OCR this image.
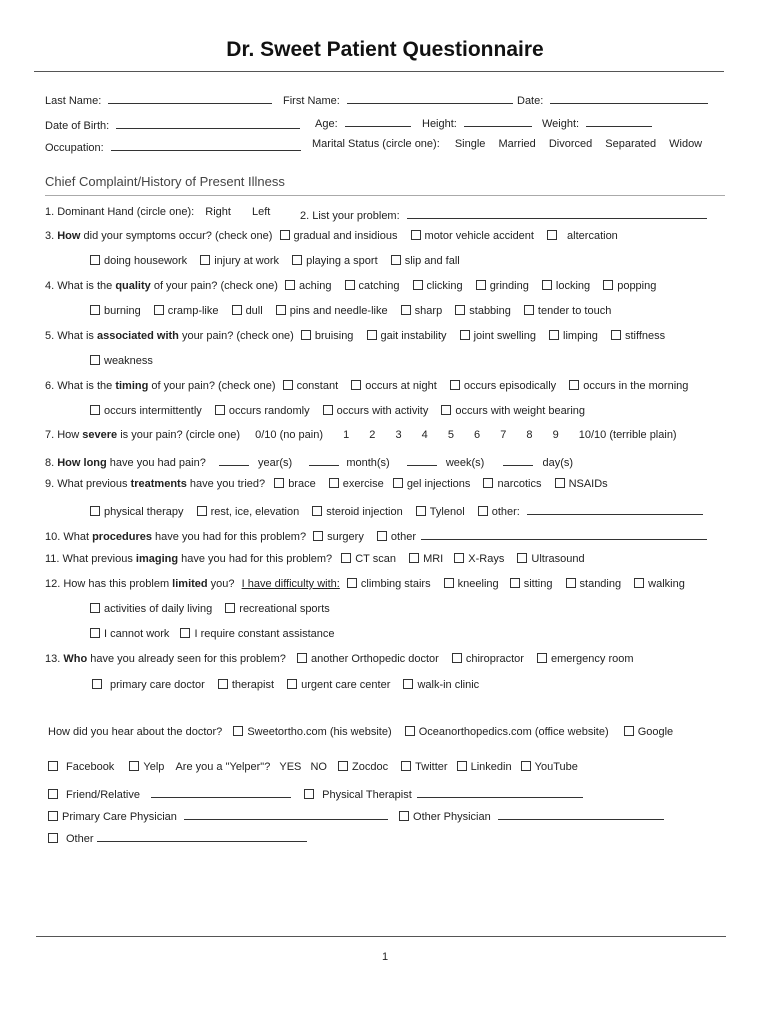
Dr. Sweet Patient Questionnaire
Last Name:	First Name:	Date:
Date of Birth:	Age:	Height:	Weight:
Occupation:	Marital Status (circle one): Single Married Divorced Separated Widow
Chief Complaint/History of Present Illness
1. Dominant Hand (circle one): Right Left	2. List your problem:
3. How did your symptoms occur? (check one) gradual and insidious motor vehicle accident	altercation
doing housework injury at work playing a sport slip and fall
4. What is the quality of your pain? (check one) aching catching clicking grinding locking popping
burning cramp-like dull pins and needle-like sharp stabbing tender to touch
5. What is associated with your pain? (check one) bruising gait instability joint swelling limping stiffness
weakness
6. What is the timing of your pain? (check one) constant occurs at night occurs episodically occurs in the morning
occurs intermittently occurs randomly occurs with activity occurs with weight bearing
7. How severe is your pain? (circle one) 0/10 (no pain) 1 2 3 4 5 6 7 8 9 10/10 (terrible plain)
8. How long have you had pain?	year(s)	month(s)	week(s)	day(s)
9. What previous treatments have you tried? brace exercise gel injections narcotics NSAIDs
physical therapy rest, ice, elevation steroid injection Tylenol other:
10. What procedures have you had for this problem? surgery other
11. What previous imaging have you had for this problem? CT scan MRI X-Rays Ultrasound
12. How has this problem limited you? I have difficulty with: climbing stairs kneeling sitting standing walking
activities of daily living recreational sports
I cannot work I require constant assistance
13. Who have you already seen for this problem? another Orthopedic doctor chiropractor emergency room
primary care doctor therapist urgent care center walk-in clinic
How did you hear about the doctor? Sweetortho.com (his website) Oceanorthopedics.com (office website)	Google
Facebook	Yelp Are you a "Yelper"? YES NO Zocdoc Twitter Linkedin YouTube
Friend/Relative	Physical Therapist
Primary Care Physician	Other Physician
Other
1
